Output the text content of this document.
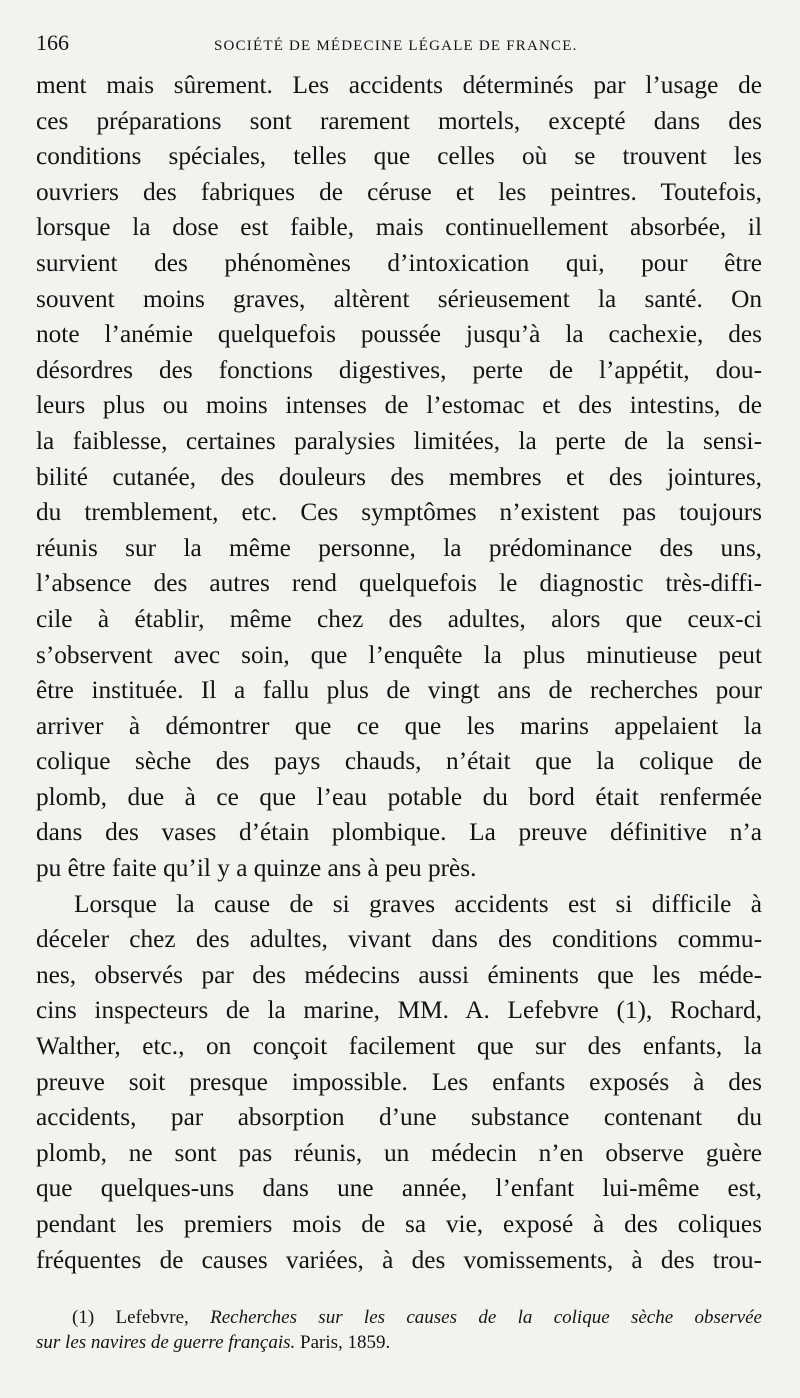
166	SOCIÉTÉ DE MÉDECINE LÉGALE DE FRANCE.
ment mais sûrement. Les accidents déterminés par l’usage de
ces préparations sont rarement mortels, excepté dans des
conditions spéciales, telles que celles où se trouvent les
ouvriers des fabriques de céruse et les peintres. Toutefois,
lorsque la dose est faible, mais continuellement absorbée, il
survient des phénomènes d’intoxication qui, pour être
souvent moins graves, altèrent sérieusement la santé. On
note l’anémie quelquefois poussée jusqu’à la cachexie, des
désordres des fonctions digestives, perte de l’appétit, dou-
leurs plus ou moins intenses de l’estomac et des intestins, de
la faiblesse, certaines paralysies limitées, la perte de la sensi-
bilité cutanée, des douleurs des membres et des jointures,
du tremblement, etc. Ces symptômes n’existent pas toujours
réunis sur la même personne, la prédominance des uns,
l’absence des autres rend quelquefois le diagnostic très-diffi-
cile à établir, même chez des adultes, alors que ceux-ci
s’observent avec soin, que l’enquête la plus minutieuse peut
être instituée. Il a fallu plus de vingt ans de recherches pour
arriver à démontrer que ce que les marins appelaient la
colique sèche des pays chauds, n’était que la colique de
plomb, due à ce que l’eau potable du bord était renfermée
dans des vases d’étain plombique. La preuve définitive n’a
pu être faite qu’il y a quinze ans à peu près.
Lorsque la cause de si graves accidents est si difficile à
déceler chez des adultes, vivant dans des conditions commu-
nes, observés par des médecins aussi éminents que les méde-
cins inspecteurs de la marine, MM. A. Lefebvre (1), Rochard,
Walther, etc., on conçoit facilement que sur des enfants, la
preuve soit presque impossible. Les enfants exposés à des
accidents, par absorption d’une substance contenant du
plomb, ne sont pas réunis, un médecin n’en observe guère
que quelques-uns dans une année, l’enfant lui-même est,
pendant les premiers mois de sa vie, exposé à des coliques
fréquentes de causes variées, à des vomissements, à des trou-
(1) Lefebvre, Recherches sur les causes de la colique sèche observée
sur les navires de guerre français. Paris, 1859.
